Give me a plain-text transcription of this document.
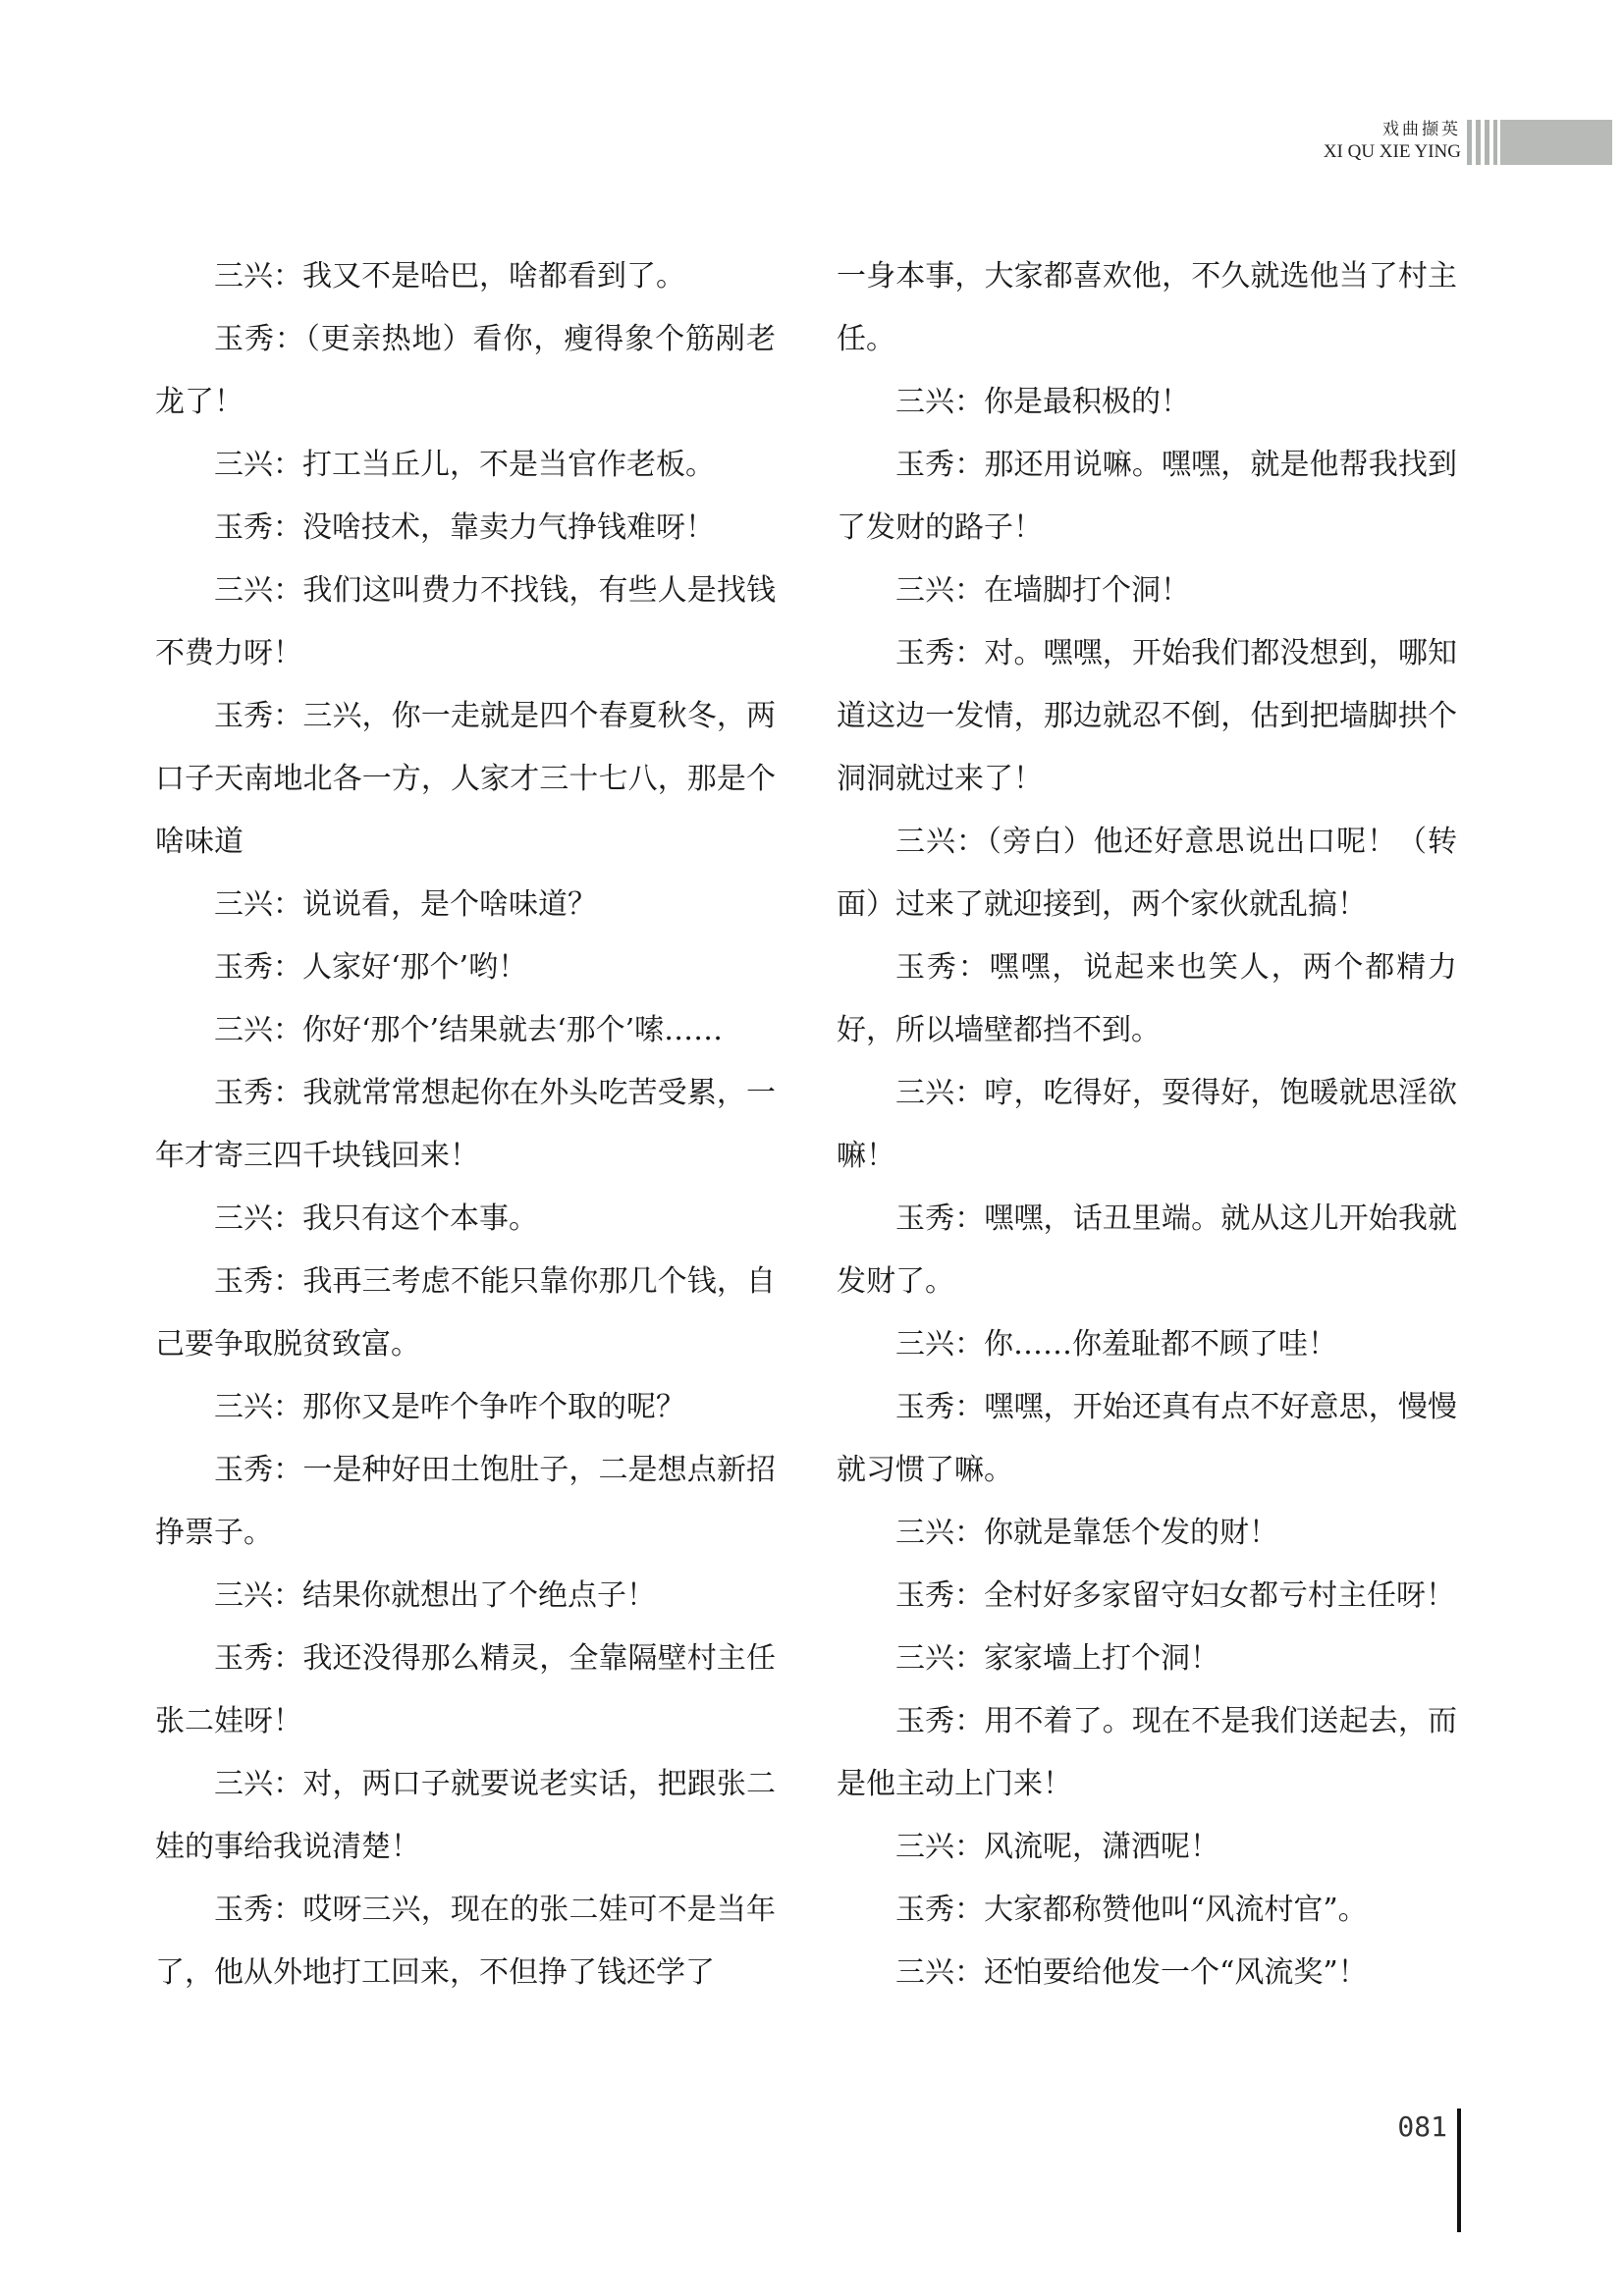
戏曲撷英
XI QU XIE YING

三兴：我又不是哈巴，啥都看到了。

玉秀：（更亲热地）看你，瘦得象个筋剐老龙了！

三兴：打工当丘儿，不是当官作老板。

玉秀：没啥技术，靠卖力气挣钱难呀！

三兴：我们这叫费力不找钱，有些人是找钱不费力呀！

玉秀：三兴，你一走就是四个春夏秋冬，两口子天南地北各一方，人家才三十七八，那是个啥味道

三兴：说说看，是个啥味道？

玉秀：人家好‘那个’哟！

三兴：你好‘那个’结果就去‘那个’嗦……

玉秀：我就常常想起你在外头吃苦受累，一年才寄三四千块钱回来！

三兴：我只有这个本事。

玉秀：我再三考虑不能只靠你那几个钱，自己要争取脱贫致富。

三兴：那你又是咋个争咋个取的呢？

玉秀：一是种好田土饱肚子，二是想点新招挣票子。

三兴：结果你就想出了个绝点子！

玉秀：我还没得那么精灵，全靠隔壁村主任张二娃呀！

三兴：对，两口子就要说老实话，把跟张二娃的事给我说清楚！

玉秀：哎呀三兴，现在的张二娃可不是当年了，他从外地打工回来，不但挣了钱还学了

一身本事，大家都喜欢他，不久就选他当了村主任。

三兴：你是最积极的！

玉秀：那还用说嘛。嘿嘿，就是他帮我找到了发财的路子！

三兴：在墙脚打个洞！

玉秀：对。嘿嘿，开始我们都没想到，哪知道这边一发情，那边就忍不倒，估到把墙脚拱个洞洞就过来了！

三兴：（旁白）他还好意思说出口呢！（转面）过来了就迎接到，两个家伙就乱搞！

玉秀：嘿嘿，说起来也笑人，两个都精力好，所以墙壁都挡不到。

三兴：哼，吃得好，耍得好，饱暖就思淫欲嘛！

玉秀：嘿嘿，话丑里端。就从这儿开始我就发财了。

三兴：你……你羞耻都不顾了哇！

玉秀：嘿嘿，开始还真有点不好意思，慢慢就习惯了嘛。

三兴：你就是靠恁个发的财！

玉秀：全村好多家留守妇女都亏村主任呀！

三兴：家家墙上打个洞！

玉秀：用不着了。现在不是我们送起去，而是他主动上门来！

三兴：风流呢，潇洒呢！

玉秀：大家都称赞他叫“风流村官”。

三兴：还怕要给他发一个“风流奖”！

081
